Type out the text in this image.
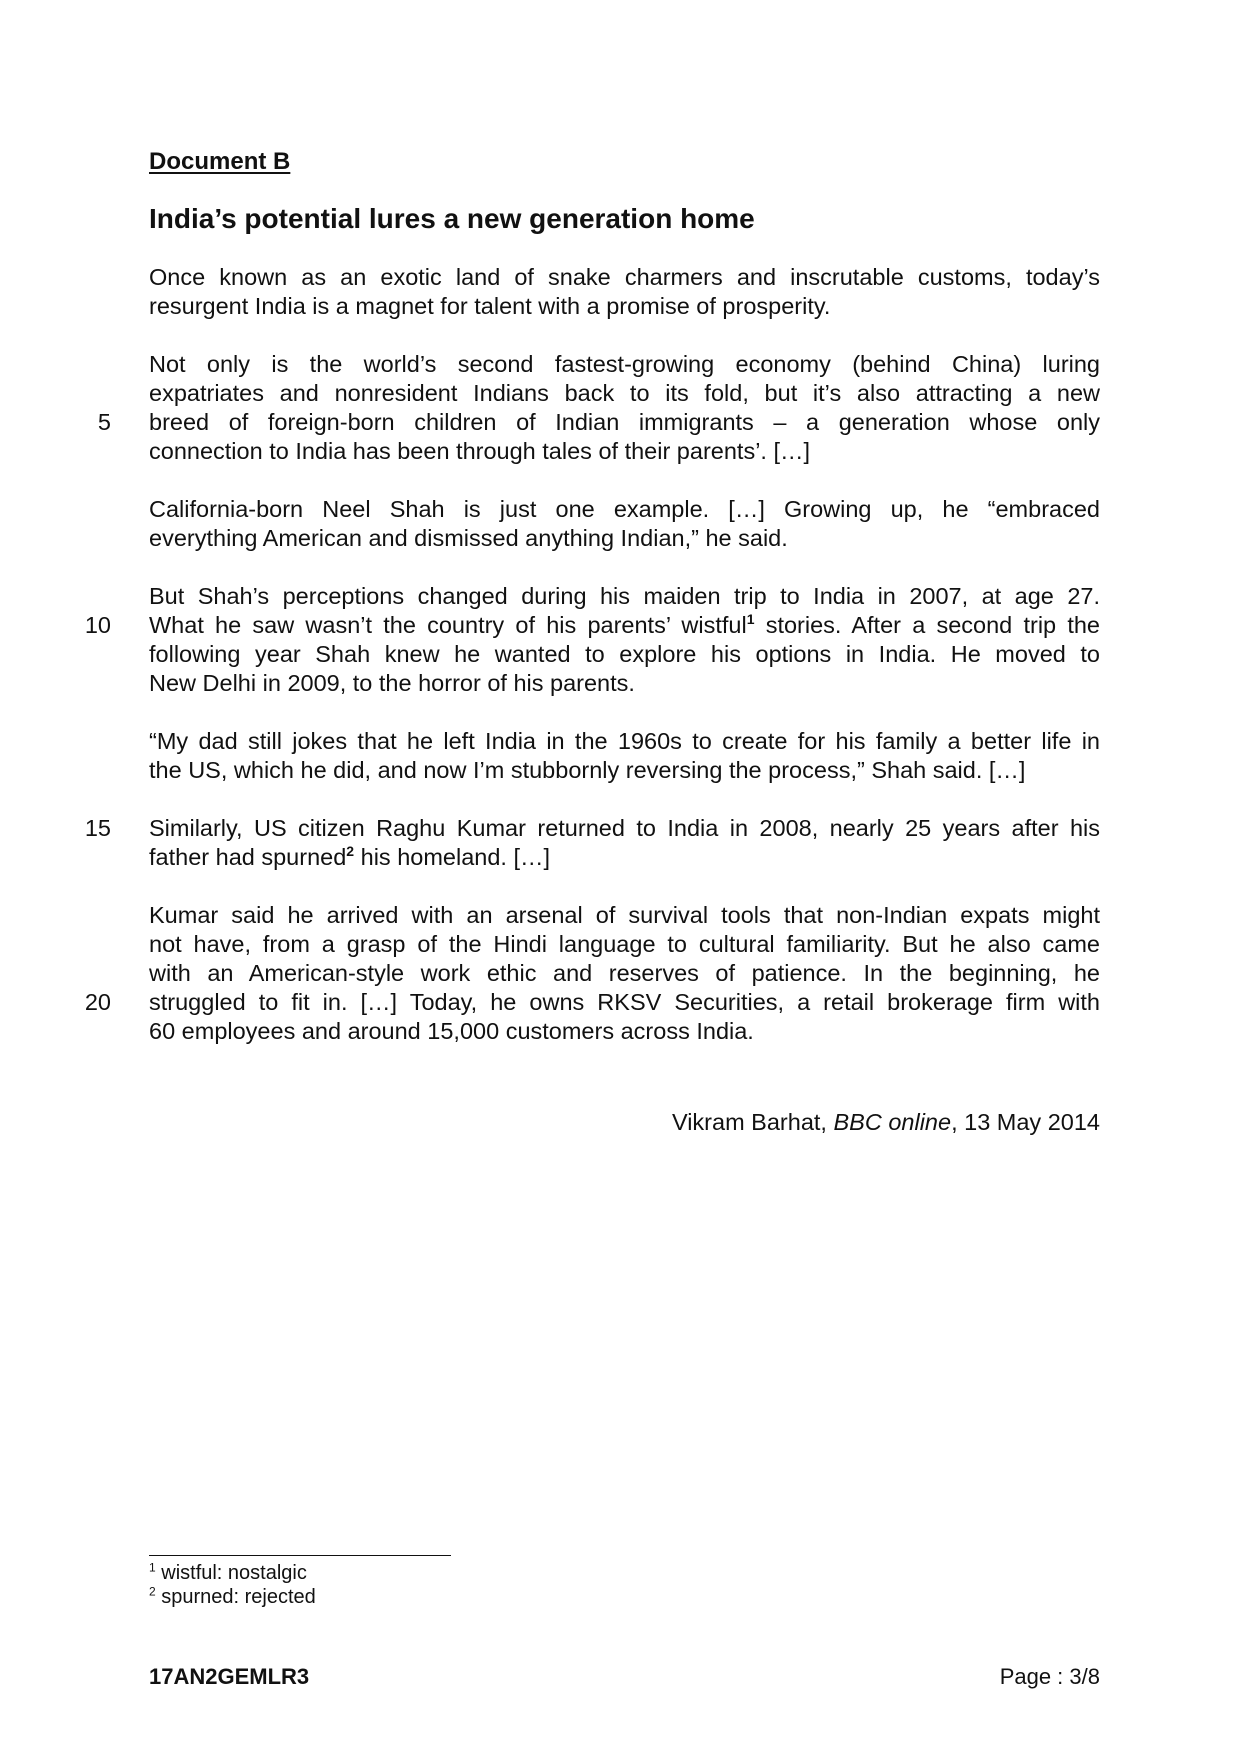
Document B
India’s potential lures a new generation home
Once known as an exotic land of snake charmers and inscrutable customs, today’s
resurgent India is a magnet for talent with a promise of prosperity.
Not only is the world’s second fastest-growing economy (behind China) luring
expatriates and nonresident Indians back to its fold, but it’s also attracting a new
breed of foreign-born children of Indian immigrants – a generation whose only
connection to India has been through tales of their parents’. […]
California-born Neel Shah is just one example. […] Growing up, he “embraced
everything American and dismissed anything Indian,” he said.
But Shah’s perceptions changed during his maiden trip to India in 2007, at age 27.
What he saw wasn’t the country of his parents’ wistful$^1$ stories. After a second trip the
following year Shah knew he wanted to explore his options in India. He moved to
New Delhi in 2009, to the horror of his parents.
“My dad still jokes that he left India in the 1960s to create for his family a better life in
the US, which he did, and now I’m stubbornly reversing the process,” Shah said. […]
Similarly, US citizen Raghu Kumar returned to India in 2008, nearly 25 years after his
father had spurned$^2$ his homeland. […]
Kumar said he arrived with an arsenal of survival tools that non-Indian expats might
not have, from a grasp of the Hindi language to cultural familiarity. But he also came
with an American-style work ethic and reserves of patience. In the beginning, he
struggled to fit in. […] Today, he owns RKSV Securities, a retail brokerage firm with
60 employees and around 15,000 customers across India.
5
10
15
20
Vikram Barhat, BBC online, 13 May 2014
$^1$ wistful: nostalgic
$^2$ spurned: rejected
17AN2GEMLR3	Page : 3/8
